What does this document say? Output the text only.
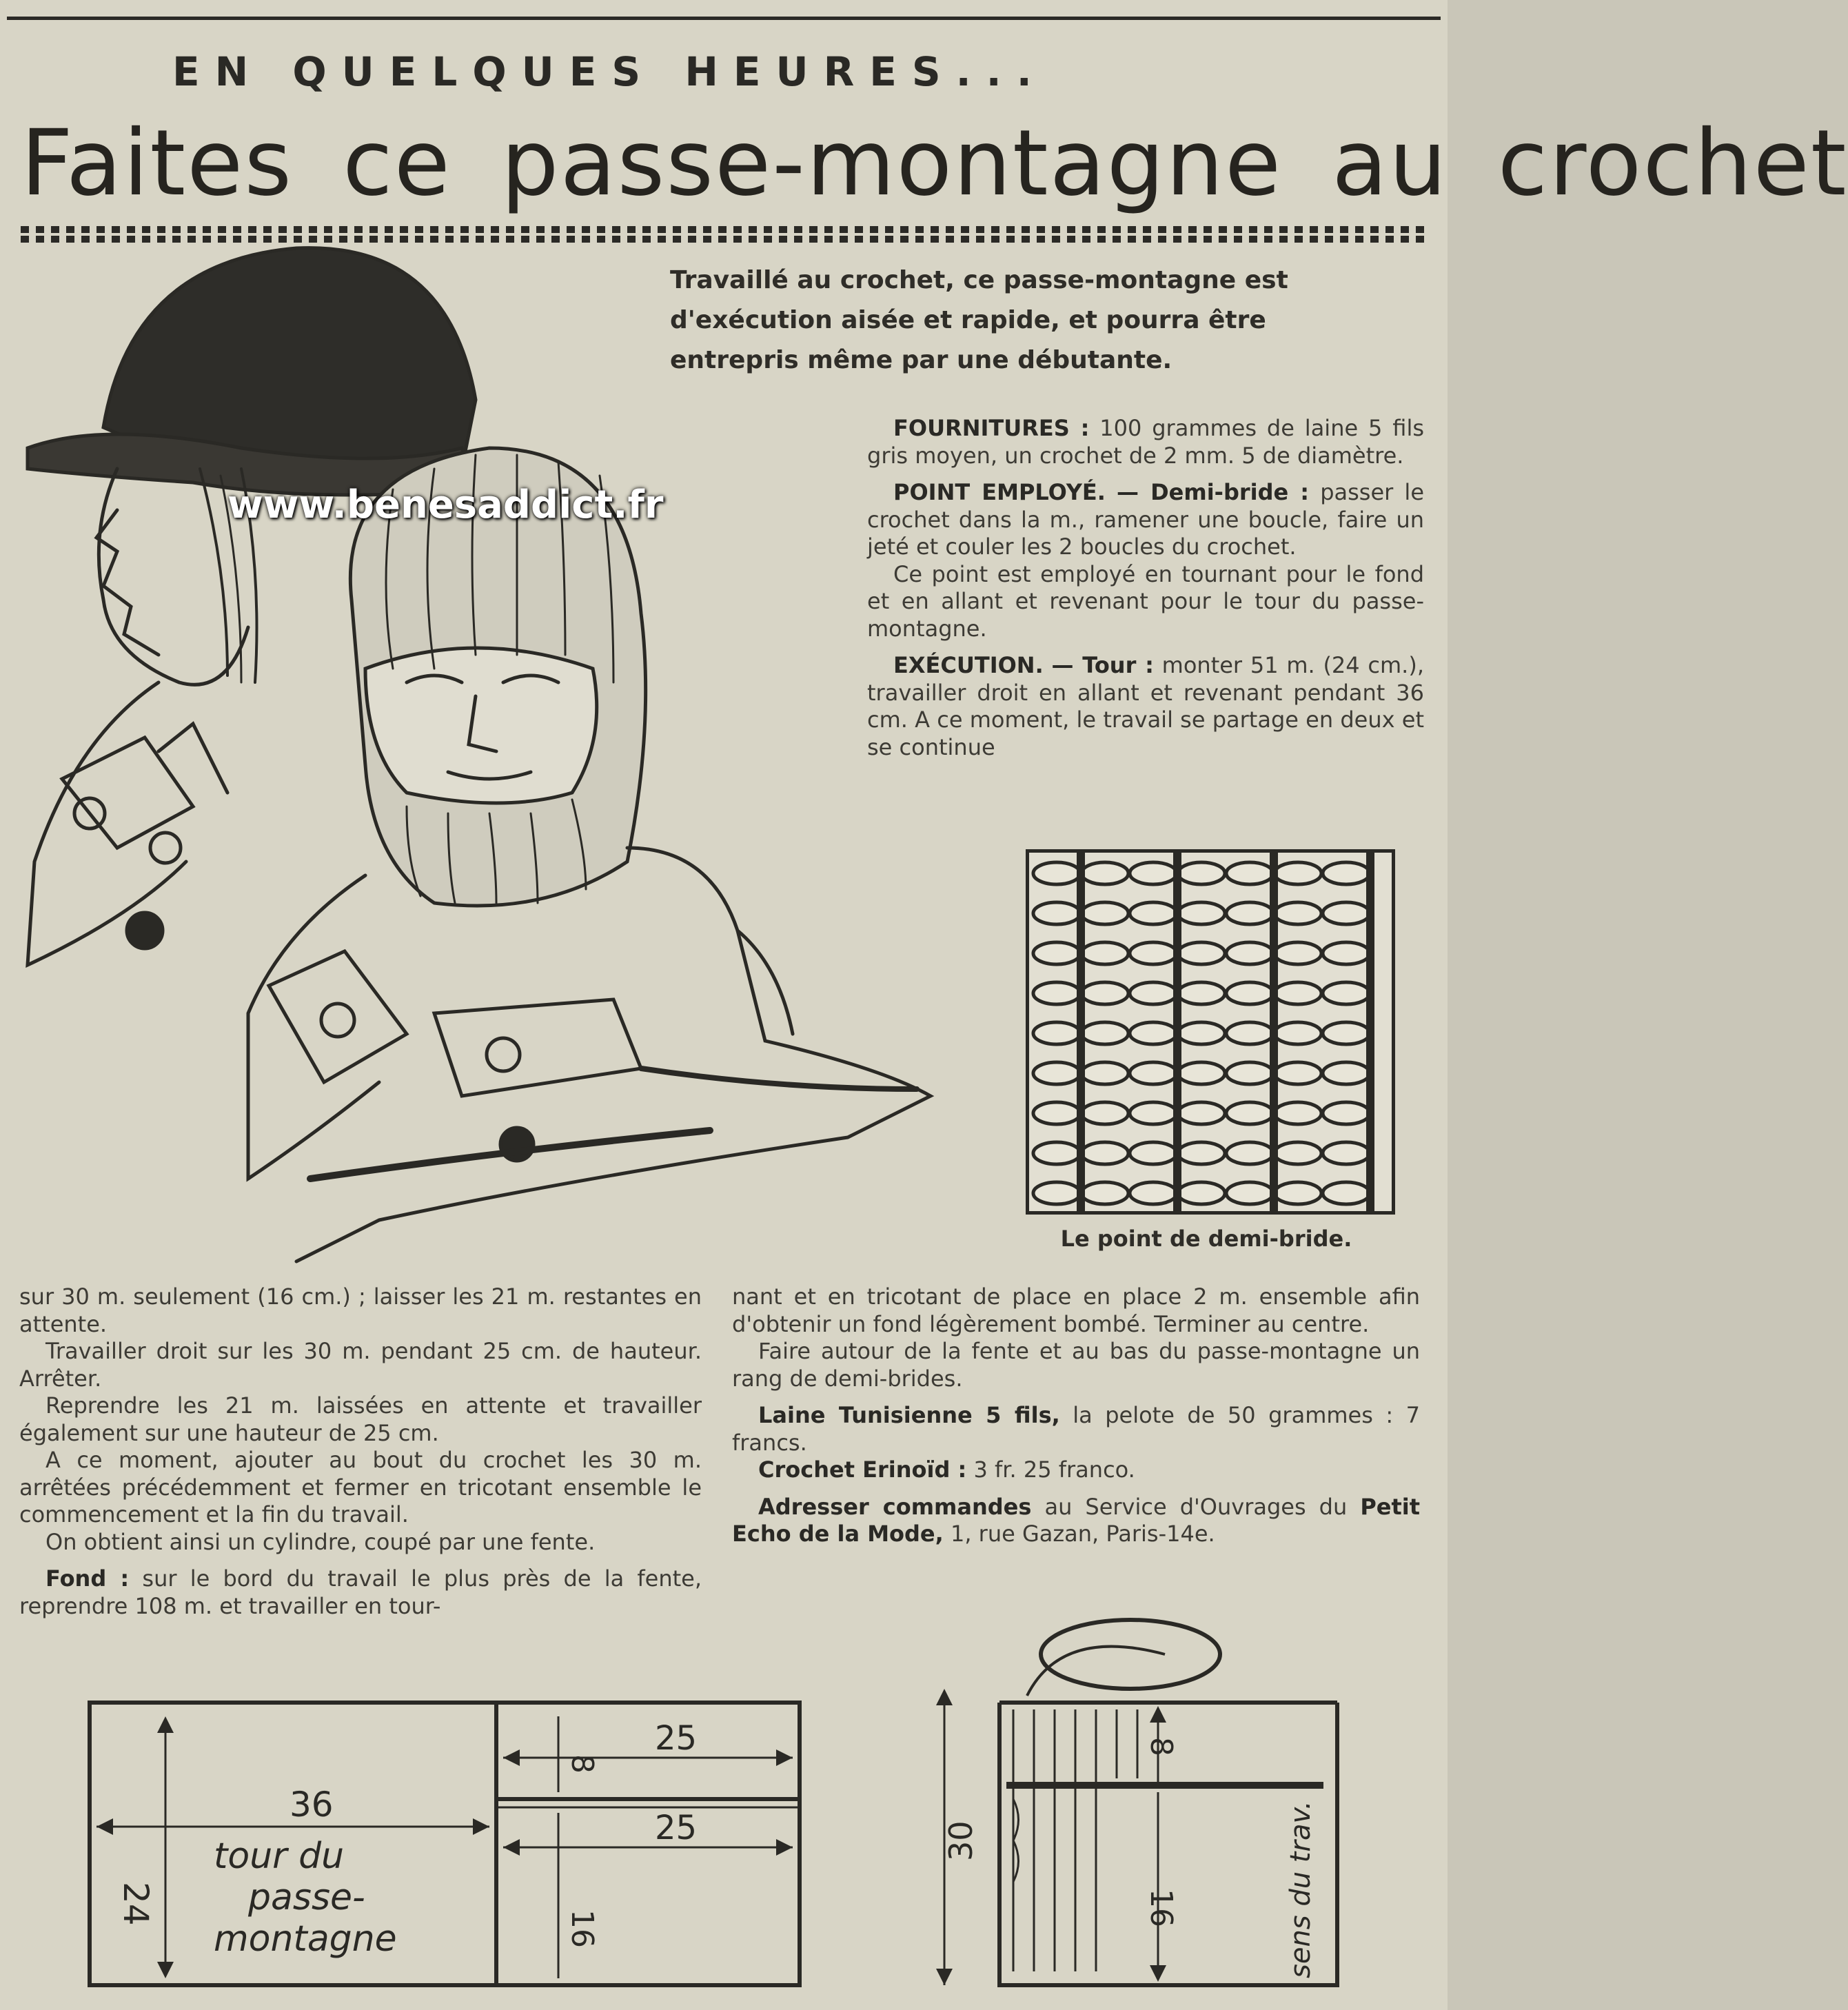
EN QUELQUES HEURES...
Faites ce passe-montagne au crochet
www.benesaddict.fr
Travaillé au crochet, ce passe-montagne est d'exécution aisée et rapide, et pourra être entrepris même par une débutante.

FOURNITURES : 100 grammes de laine 5 fils gris moyen, un crochet de 2 mm. 5 de diamètre.

POINT EMPLOYÉ. — Demi-bride : passer le crochet dans la m., ramener une boucle, faire un jeté et couler les 2 boucles du crochet.

Ce point est employé en tournant pour le fond et en allant et revenant pour le tour du passe-montagne.

EXÉCUTION. — Tour : monter 51 m. (24 cm.), travailler droit en allant et revenant pendant 36 cm. A ce moment, le travail se partage en deux et se continue

Le point de demi-bride.

sur 30 m. seulement (16 cm.) ; laisser les 21 m. restantes en attente.

Travailler droit sur les 30 m. pendant 25 cm. de hauteur. Arrêter.

Reprendre les 21 m. laissées en attente et travailler également sur une hauteur de 25 cm.

A ce moment, ajouter au bout du crochet les 30 m. arrêtées précédemment et fermer en tricotant ensemble le commencement et la fin du travail.

On obtient ainsi un cylindre, coupé par une fente.

Fond : sur le bord du travail le plus près de la fente, reprendre 108 m. et travailler en tour-

nant et en tricotant de place en place 2 m. ensemble afin d'obtenir un fond légèrement bombé. Terminer au centre.

Faire autour de la fente et au bas du passe-montagne un rang de demi-brides.

Laine Tunisienne 5 fils, la pelote de 50 grammes : 7 francs.

Crochet Erinoïd : 3 fr. 25 franco.

Adresser commandes au Service d'Ouvrages du Petit Echo de la Mode, 1, rue Gazan, Paris-14e.

36
24
8
16
25
25
tour du
passe-
montagne
30
8
16	sens du trav.
